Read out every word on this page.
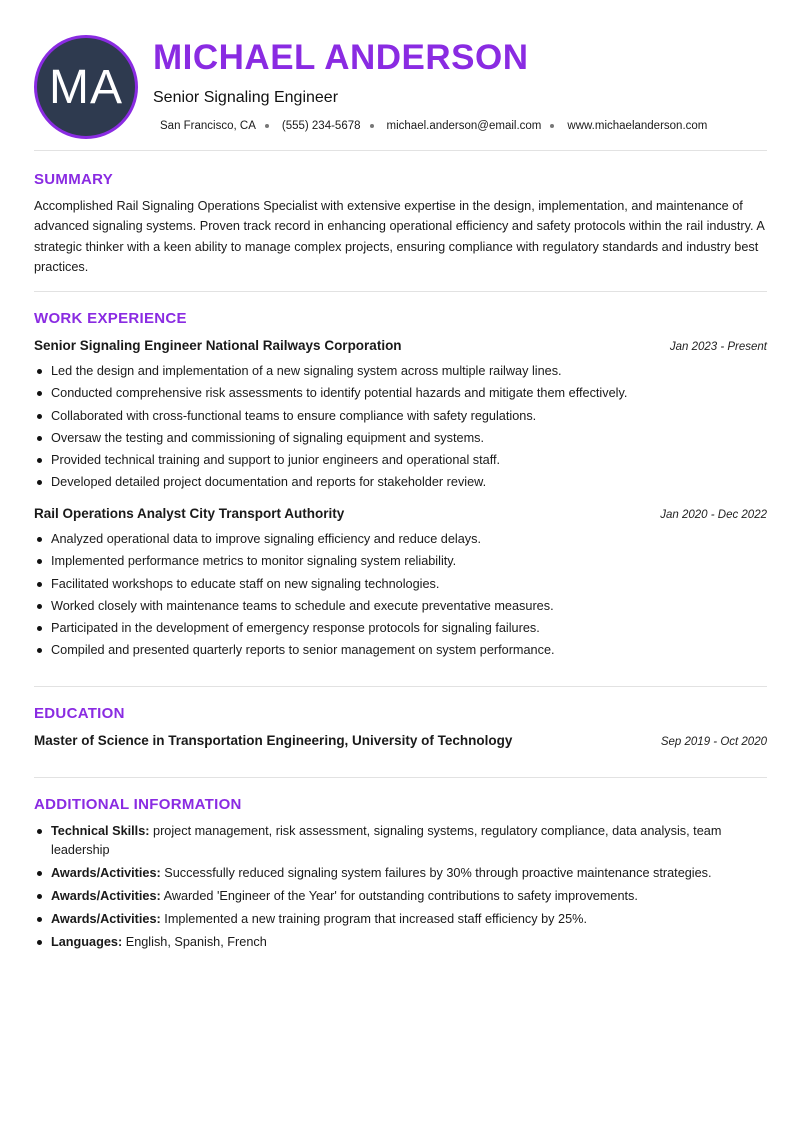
MA
MICHAEL ANDERSON
Senior Signaling Engineer
San Francisco, CA (555) 234-5678 michael.anderson@email.com www.michaelanderson.com
SUMMARY

Accomplished Rail Signaling Operations Specialist with extensive expertise in the design, implementation, and maintenance of advanced signaling systems. Proven track record in enhancing operational efficiency and safety protocols within the rail industry. A strategic thinker with a keen ability to manage complex projects, ensuring compliance with regulatory standards and industry best practices.

WORK EXPERIENCE
Senior Signaling Engineer National Railways Corporation	Jan 2023 - Present
Led the design and implementation of a new signaling system across multiple railway lines.
Conducted comprehensive risk assessments to identify potential hazards and mitigate them effectively.
Collaborated with cross-functional teams to ensure compliance with safety regulations.
Oversaw the testing and commissioning of signaling equipment and systems.
Provided technical training and support to junior engineers and operational staff.
Developed detailed project documentation and reports for stakeholder review.
Rail Operations Analyst City Transport Authority	Jan 2020 - Dec 2022
Analyzed operational data to improve signaling efficiency and reduce delays.
Implemented performance metrics to monitor signaling system reliability.
Facilitated workshops to educate staff on new signaling technologies.
Worked closely with maintenance teams to schedule and execute preventative measures.
Participated in the development of emergency response protocols for signaling failures.
Compiled and presented quarterly reports to senior management on system performance.
EDUCATION
Master of Science in Transportation Engineering, University of Technology	Sep 2019 - Oct 2020
ADDITIONAL INFORMATION
Technical Skills: project management, risk assessment, signaling systems, regulatory compliance, data analysis, team leadership
Awards/Activities: Successfully reduced signaling system failures by 30% through proactive maintenance strategies.
Awards/Activities: Awarded 'Engineer of the Year' for outstanding contributions to safety improvements.
Awards/Activities: Implemented a new training program that increased staff efficiency by 25%.
Languages: English, Spanish, French
